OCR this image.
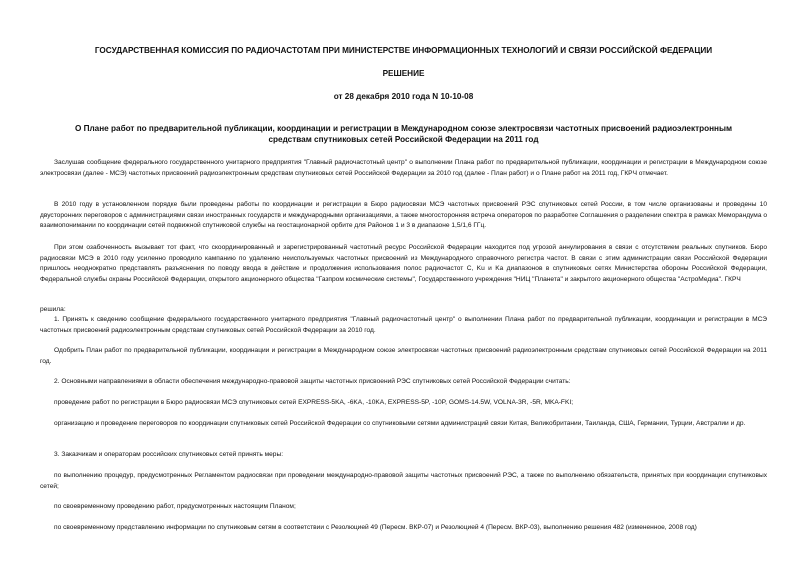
ГОСУДАРСТВЕННАЯ КОМИССИЯ ПО РАДИОЧАСТОТАМ ПРИ МИНИСТЕРСТВЕ ИНФОРМАЦИОННЫХ ТЕХНОЛОГИЙ И СВЯЗИ РОССИЙСКОЙ ФЕДЕРАЦИИ
РЕШЕНИЕ
от 28 декабря 2010 года N 10-10-08
О Плане работ по предварительной публикации, координации и регистрации в Международном союзе электросвязи частотных присвоений радиоэлектронным средствам спутниковых сетей Российской Федерации на 2011 год
Заслушав сообщение федерального государственного унитарного предприятия "Главный радиочастотный центр" о выполнении Плана работ по предварительной публикации, координации и регистрации в Международном союзе электросвязи (далее - МСЭ) частотных присвоений радиоэлектронным средствам спутниковых сетей Российской Федерации за 2010 год (далее - План работ) и о Плане работ на 2011 год, ГКРЧ отмечает.
В 2010 году в установленном порядке были проведены работы по координации и регистрации в Бюро радиосвязи МСЭ частотных присвоений РЭС спутниковых сетей России, в том числе организованы и проведены 10 двусторонних переговоров с администрациями связи иностранных государств и международными организациями, а также многосторонняя встреча операторов по разработке Соглашения о разделении спектра в рамках Меморандума о взаимопонимании по координации сетей подвижной спутниковой службы на геостационарной орбите для Районов 1 и 3 в диапазоне 1,5/1,6 ГГц.
При этом озабоченность вызывает тот факт, что скоординированный и зарегистрированный частотный ресурс Российской Федерации находится под угрозой аннулирования в связи с отсутствием реальных спутников. Бюро радиосвязи МСЭ в 2010 году усиленно проводило кампанию по удалению неиспользуемых частотных присвоений из Международного справочного регистра частот. В связи с этим администрации связи Российской Федерации пришлось неоднократно представлять разъяснения по поводу ввода в действие и продолжения использования полос радиочастот С, Ku и Ka диапазонов в спутниковых сетях Министерства обороны Российской Федерации, Федеральной службы охраны Российской Федерации, открытого акционерного общества "Газпром космические системы", Государственного учреждения "НИЦ "Планета" и закрытого акционерного общества "АстроМедиа". ГКРЧ
решила:
1. Принять к сведению сообщение федерального государственного унитарного предприятия "Главный радиочастотный центр" о выполнении Плана работ по предварительной публикации, координации и регистрации в МСЭ частотных присвоений радиоэлектронным средствам спутниковых сетей Российской Федерации за 2010 год.
Одобрить План работ по предварительной публикации, координации и регистрации в Международном союзе электросвязи частотных присвоений радиоэлектронным средствам спутниковых сетей Российской Федерации на 2011 год.
2. Основными направлениями в области обеспечения международно-правовой защиты частотных присвоений РЭС спутниковых сетей Российской Федерации считать:
проведение работ по регистрации в Бюро радиосвязи МСЭ спутниковых сетей EXPRESS-5KA, -6KA, -10KA, EXPRESS-5P, -10P, GOMS-14.5W, VOLNA-3R, -5R, MKA-FKI;
организацию и проведение переговоров по координации спутниковых сетей Российской Федерации со спутниковыми сетями администраций связи Китая, Великобритании, Таиланда, США, Германии, Турции, Австралии и др.
3. Заказчикам и операторам российских спутниковых сетей принять меры:
по выполнению процедур, предусмотренных Регламентом радиосвязи при проведении международно-правовой защиты частотных присвоений РЭС, а также по выполнению обязательств, принятых при координации спутниковых сетей;
по своевременному проведению работ, предусмотренных настоящим Планом;
по своевременному представлению информации по спутниковым сетям в соответствии с Резолюцией 49 (Пересм. ВКР-07) и Резолюцией 4 (Пересм. ВКР-03), выполнению решения 482 (измененное, 2008 год)
